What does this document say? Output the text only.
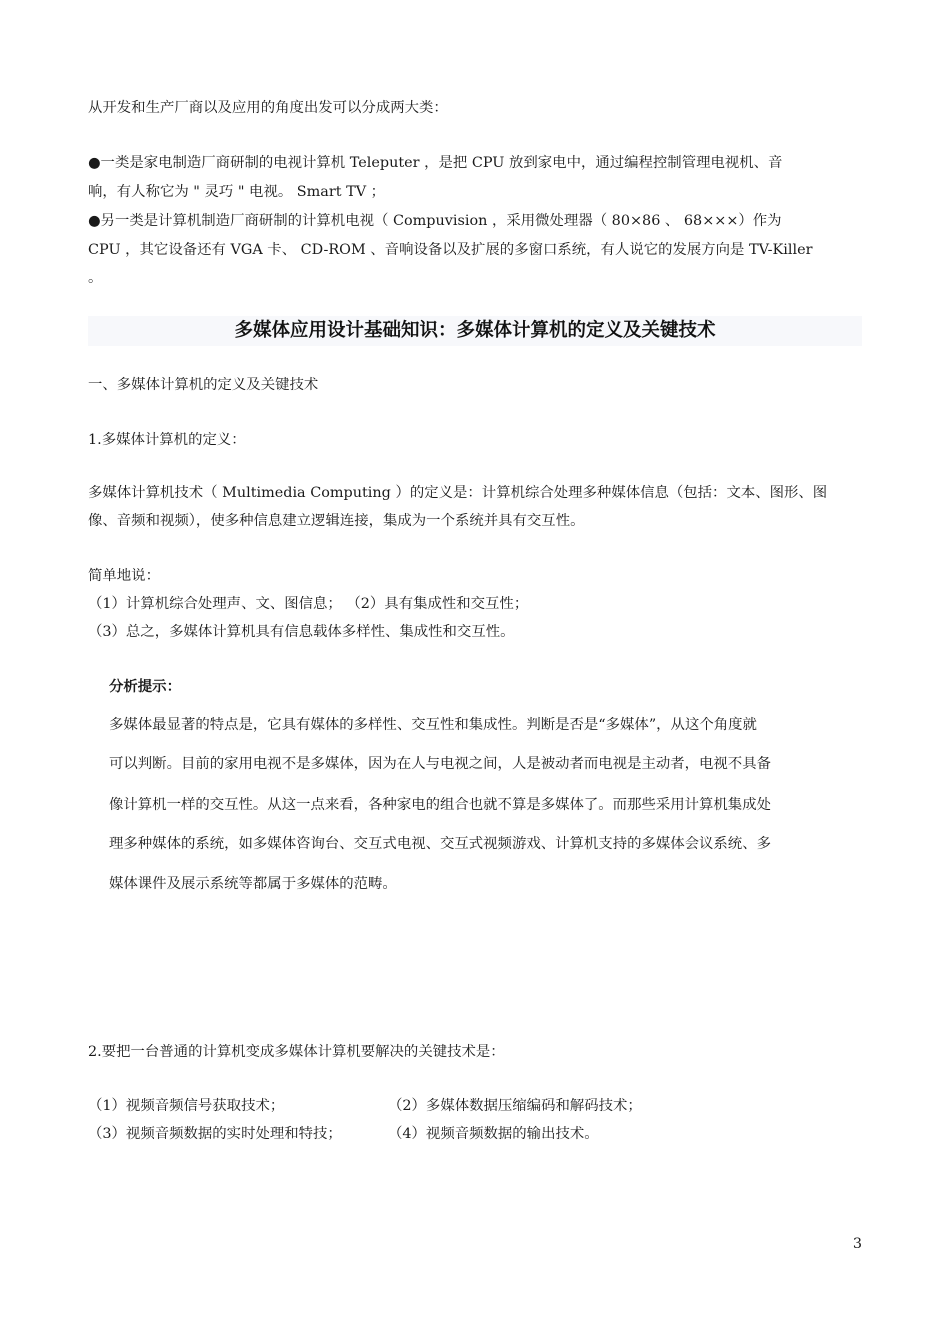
从开发和生产厂商以及应用的角度出发可以分成两大类：
●一类是家电制造厂商研制的电视计算机 Teleputer ，是把 CPU 放到家电中，通过编程控制管理电视机、音
响，有人称它为 " 灵巧 " 电视。 Smart TV ；
●另一类是计算机制造厂商研制的计算机电视（ Compuvision ，采用微处理器（ 80×86 、 68×××）作为
CPU ，其它设备还有 VGA 卡、 CD-ROM 、音响设备以及扩展的多窗口系统，有人说它的发展方向是 TV-Killer
。
多媒体应用设计基础知识：多媒体计算机的定义及关键技术
一、多媒体计算机的定义及关键技术
1.多媒体计算机的定义：
多媒体计算机技术（ Multimedia Computing ）的定义是：计算机综合处理多种媒体信息（包括：文本、图形、图
像、音频和视频），使多种信息建立逻辑连接，集成为一个系统并具有交互性。
简单地说：
（1）计算机综合处理声、文、图信息； （2）具有集成性和交互性；
（3）总之，多媒体计算机具有信息载体多样性、集成性和交互性。
分析提示：
多媒体最显著的特点是，它具有媒体的多样性、交互性和集成性。判断是否是“多媒体”，从这个角度就
可以判断。目前的家用电视不是多媒体，因为在人与电视之间，人是被动者而电视是主动者，电视不具备
像计算机一样的交互性。从这一点来看，各种家电的组合也就不算是多媒体了。而那些采用计算机集成处
理多种媒体的系统，如多媒体咨询台、交互式电视、交互式视频游戏、计算机支持的多媒体会议系统、多
媒体课件及展示系统等都属于多媒体的范畴。
2.要把一台普通的计算机变成多媒体计算机要解决的关键技术是：
（1）视频音频信号获取技术；	（2）多媒体数据压缩编码和解码技术；
（3）视频音频数据的实时处理和特技；	（4）视频音频数据的输出技术。
3
